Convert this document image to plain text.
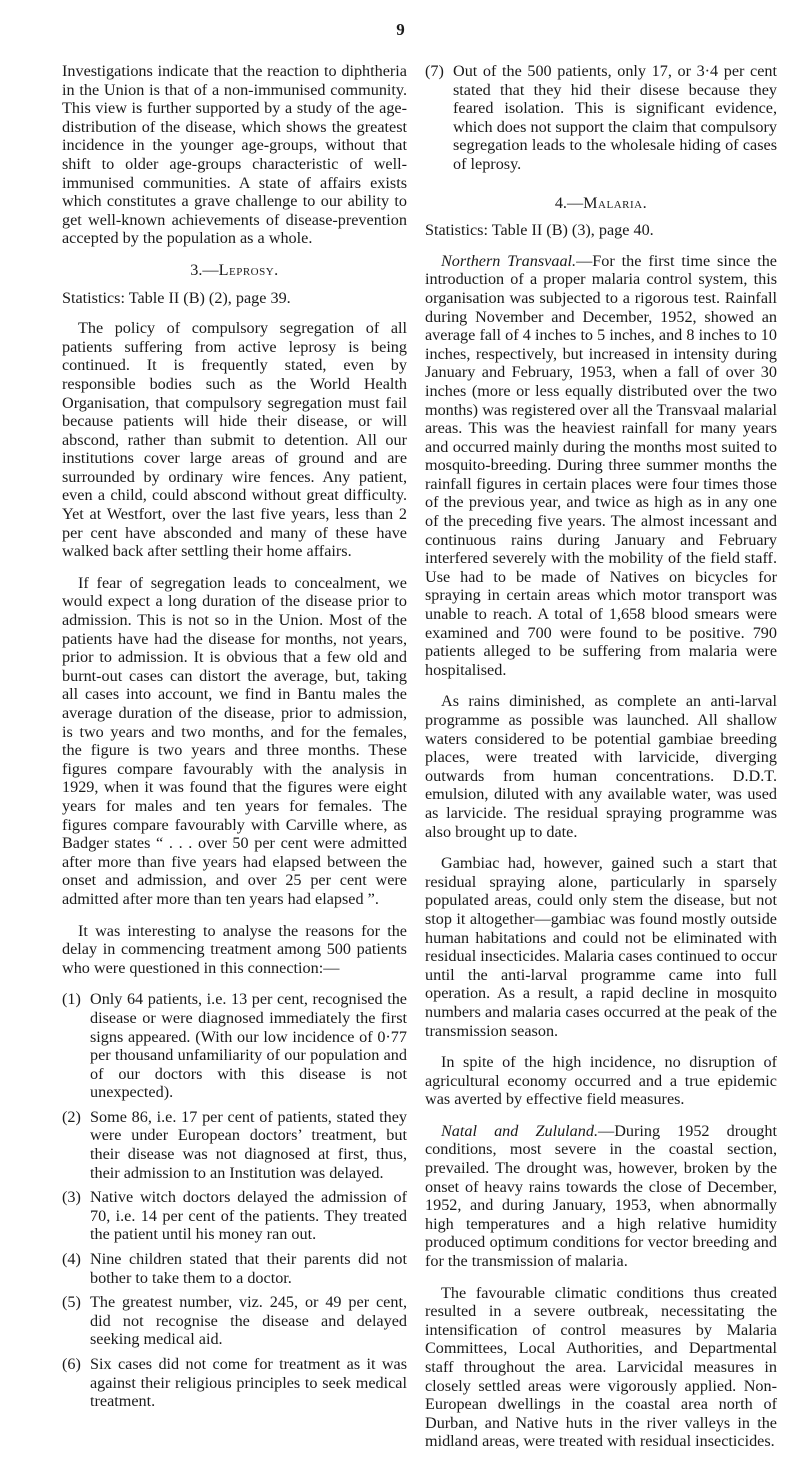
9

Investigations indicate that the reaction to diphtheria in the Union is that of a non-immunised community. This view is further supported by a study of the age-distribution of the disease, which shows the greatest incidence in the younger age-groups, without that shift to older age-groups characteristic of well-immunised communities. A state of affairs exists which constitutes a grave challenge to our ability to get well-known achievements of disease-prevention accepted by the population as a whole.

3.—Leprosy.
Statistics: Table II (B) (2), page 39.

The policy of compulsory segregation of all patients suffering from active leprosy is being continued. It is frequently stated, even by responsible bodies such as the World Health Organisation, that compulsory segregation must fail because patients will hide their disease, or will abscond, rather than submit to detention. All our institutions cover large areas of ground and are surrounded by ordinary wire fences. Any patient, even a child, could abscond without great difficulty. Yet at Westfort, over the last five years, less than 2 per cent have absconded and many of these have walked back after settling their home affairs.

If fear of segregation leads to concealment, we would expect a long duration of the disease prior to admission. This is not so in the Union. Most of the patients have had the disease for months, not years, prior to admission. It is obvious that a few old and burnt-out cases can distort the average, but, taking all cases into account, we find in Bantu males the average duration of the disease, prior to admission, is two years and two months, and for the females, the figure is two years and three months. These figures compare favourably with the analysis in 1929, when it was found that the figures were eight years for males and ten years for females. The figures compare favourably with Carville where, as Badger states “ . . . over 50 per cent were admitted after more than five years had elapsed between the onset and admission, and over 25 per cent were admitted after more than ten years had elapsed ”.

It was interesting to analyse the reasons for the delay in commencing treatment among 500 patients who were questioned in this connection:—

(1) Only 64 patients, i.e. 13 per cent, recognised the disease or were diagnosed immediately the first signs appeared. (With our low incidence of 0·77 per thousand unfamiliarity of our population and of our doctors with this disease is not unexpected).
(2) Some 86, i.e. 17 per cent of patients, stated they were under European doctors’ treatment, but their disease was not diagnosed at first, thus, their admission to an Institution was delayed.
(3) Native witch doctors delayed the admission of 70, i.e. 14 per cent of the patients. They treated the patient until his money ran out.
(4) Nine children stated that their parents did not bother to take them to a doctor.
(5) The greatest number, viz. 245, or 49 per cent, did not recognise the disease and delayed seeking medical aid.
(6) Six cases did not come for treatment as it was against their religious principles to seek medical treatment.
(7) Out of the 500 patients, only 17, or 3·4 per cent stated that they hid their disese because they feared isolation. This is significant evidence, which does not support the claim that compulsory segregation leads to the wholesale hiding of cases of leprosy.
4.—Malaria.
Statistics: Table II (B) (3), page 40.

Northern Transvaal.—For the first time since the introduction of a proper malaria control system, this organisation was subjected to a rigorous test. Rainfall during November and December, 1952, showed an average fall of 4 inches to 5 inches, and 8 inches to 10 inches, respectively, but increased in intensity during January and February, 1953, when a fall of over 30 inches (more or less equally distributed over the two months) was registered over all the Transvaal malarial areas. This was the heaviest rainfall for many years and occurred mainly during the months most suited to mosquito-breeding. During three summer months the rainfall figures in certain places were four times those of the previous year, and twice as high as in any one of the preceding five years. The almost incessant and continuous rains during January and February interfered severely with the mobility of the field staff. Use had to be made of Natives on bicycles for spraying in certain areas which motor transport was unable to reach. A total of 1,658 blood smears were examined and 700 were found to be positive. 790 patients alleged to be suffering from malaria were hospitalised.

As rains diminished, as complete an anti-larval programme as possible was launched. All shallow waters considered to be potential gambiae breeding places, were treated with larvicide, diverging outwards from human concentrations. D.D.T. emulsion, diluted with any available water, was used as larvicide. The residual spraying programme was also brought up to date.

Gambiac had, however, gained such a start that residual spraying alone, particularly in sparsely populated areas, could only stem the disease, but not stop it altogether—gambiac was found mostly outside human habitations and could not be eliminated with residual insecticides. Malaria cases continued to occur until the anti-larval programme came into full operation. As a result, a rapid decline in mosquito numbers and malaria cases occurred at the peak of the transmission season.

In spite of the high incidence, no disruption of agricultural economy occurred and a true epidemic was averted by effective field measures.

Natal and Zululand.—During 1952 drought conditions, most severe in the coastal section, prevailed. The drought was, however, broken by the onset of heavy rains towards the close of December, 1952, and during January, 1953, when abnormally high temperatures and a high relative humidity produced optimum conditions for vector breeding and for the transmission of malaria.

The favourable climatic conditions thus created resulted in a severe outbreak, necessitating the intensification of control measures by Malaria Committees, Local Authorities, and Departmental staff throughout the area. Larvicidal measures in closely settled areas were vigorously applied. Non-European dwellings in the coastal area north of Durban, and Native huts in the river valleys in the midland areas, were treated with residual insecticides.
